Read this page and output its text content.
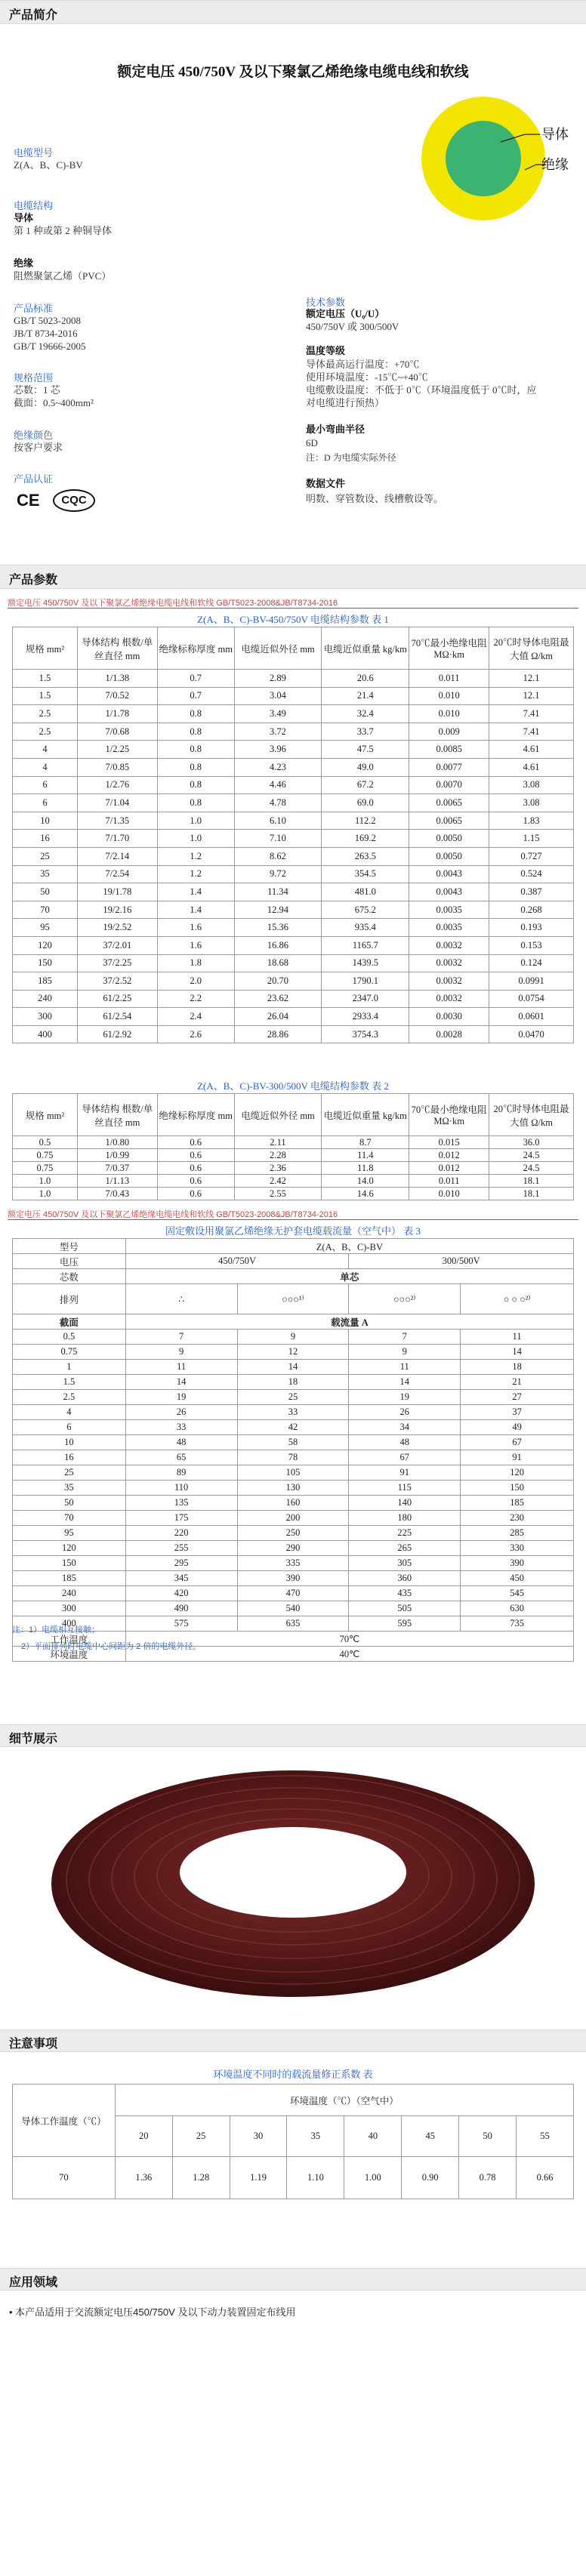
产品简介
额定电压 450/750V 及以下聚氯乙烯绝缘电缆电线和软线
导体
绝缘
电缆型号
Z(A、B、C)-BV
电缆结构
导体
第 1 种或第 2 种铜导体
绝缘
阻燃聚氯乙烯（PVC）
产品标准
GB/T 5023-2008
JB/T 8734-2016
GB/T 19666-2005
规格范围
芯数：1 芯
截面：0.5~400mm²
绝缘颜色
按客户要求
产品认证
CE	CQC
技术参数
额定电压（U₀/U）
450/750V 或 300/500V
温度等级
导体最高运行温度：+70℃
使用环境温度：-15℃~+40℃
电缆敷设温度：不低于 0℃（环境温度低于 0℃时，应
对电缆进行预热）
最小弯曲半径
6D
注：D 为电缆实际外径
数据文件
明数、穿管数设、线槽敷设等。
产品参数
额定电压 450/750V 及以下聚氯乙烯绝缘电缆电线和软线 GB/T5023-2008&JB/T8734-2016
Z(A、B、C)-BV-450/750V 电缆结构参数 表 1
规格 mm²	导体结构 根数/单丝直径 mm	绝缘标称厚度 mm	电缆近似外径 mm	电缆近似重量 kg/km	70℃最小绝缘电阻 MΩ·km	20℃时导体电阻最大值 Ω/km
1.5	1/1.38	0.7	2.89	20.6	0.011	12.1
1.5	7/0.52	0.7	3.04	21.4	0.010	12.1
2.5	1/1.78	0.8	3.49	32.4	0.010	7.41
2.5	7/0.68	0.8	3.72	33.7	0.009	7.41
4	1/2.25	0.8	3.96	47.5	0.0085	4.61
4	7/0.85	0.8	4.23	49.0	0.0077	4.61
6	1/2.76	0.8	4.46	67.2	0.0070	3.08
6	7/1.04	0.8	4.78	69.0	0.0065	3.08
10	7/1.35	1.0	6.10	112.2	0.0065	1.83
16	7/1.70	1.0	7.10	169.2	0.0050	1.15
25	7/2.14	1.2	8.62	263.5	0.0050	0.727
35	7/2.54	1.2	9.72	354.5	0.0043	0.524
50	19/1.78	1.4	11.34	481.0	0.0043	0.387
70	19/2.16	1.4	12.94	675.2	0.0035	0.268
95	19/2.52	1.6	15.36	935.4	0.0035	0.193
120	37/2.01	1.6	16.86	1165.7	0.0032	0.153
150	37/2.25	1.8	18.68	1439.5	0.0032	0.124
185	37/2.52	2.0	20.70	1790.1	0.0032	0.0991
240	61/2.25	2.2	23.62	2347.0	0.0032	0.0754
300	61/2.54	2.4	26.04	2933.4	0.0030	0.0601
400	61/2.92	2.6	28.86	3754.3	0.0028	0.0470
Z(A、B、C)-BV-300/500V 电缆结构参数 表 2
规格 mm²	导体结构 根数/单丝直径 mm	绝缘标称厚度 mm	电缆近似外径 mm	电缆近似重量 kg/km	70℃最小绝缘电阻 MΩ·km	20℃时导体电阻最大值 Ω/km
0.5	1/0.80	0.6	2.11	8.7	0.015	36.0
0.75	1/0.99	0.6	2.28	11.4	0.012	24.5
0.75	7/0.37	0.6	2.36	11.8	0.012	24.5
1.0	1/1.13	0.6	2.42	14.0	0.011	18.1
1.0	7/0.43	0.6	2.55	14.6	0.010	18.1
额定电压 450/750V 及以下聚氯乙烯绝缘电缆电线和软线 GB/T5023-2008&JB/T8734-2016
固定敷设用聚氯乙烯绝缘无护套电缆载流量（空气中） 表 3
型号	Z(A、B、C)-BV			
电压	450/750V		300/500V	
芯数	单芯			
排列	∴	○○○¹⁾	○○○²⁾	○ ○ ○²⁾
截面	载流量 A			
0.5	7	9	7	11
0.75	9	12	9	14
1	11	14	11	18
1.5	14	18	14	21
2.5	19	25	19	27
4	26	33	26	37
6	33	42	34	49
10	48	58	48	67
16	65	78	67	91
25	89	105	91	120
35	110	130	115	150
50	135	160	140	185
70	175	200	180	230
95	220	250	225	285
120	255	290	265	330
150	295	335	305	390
185	345	390	360	450
240	420	470	435	545
300	490	540	505	630
400	575	635	595	735
工作温度	70℃			
环境温度	40℃			
注：1）电缆相互接触；
2）平面排列时电缆中心间距为 2 倍的电缆外径。
细节展示
注意事项
环境温度不同时的载流量修正系数 表
导体工作温度（℃）	环境温度（℃）（空气中）							
	20	25	30	35	40	45	50	55
70	1.36	1.28	1.19	1.10	1.00	0.90	0.78	0.66
应用领域
• 本产品适用于交流额定电压450/750V 及以下动力装置固定布线用
